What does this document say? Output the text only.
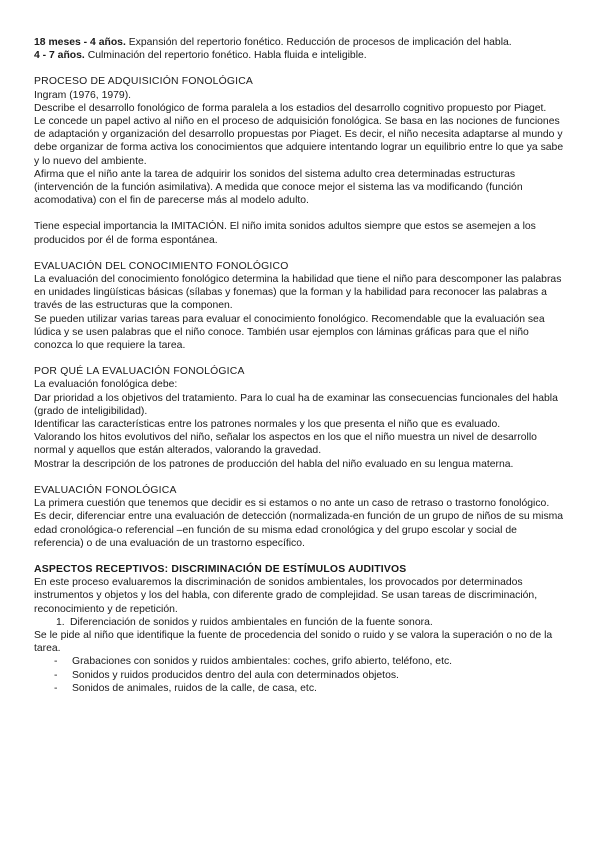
18 meses - 4 años. Expansión del repertorio fonético. Reducción de procesos de implicación del habla.

4 - 7 años. Culminación del repertorio fonético. Habla fluida e inteligible.

PROCESO DE ADQUISICIÓN FONOLÓGICA

Ingram (1976, 1979).

Describe el desarrollo fonológico de forma paralela a los estadios del desarrollo cognitivo propuesto por Piaget.

Le concede un papel activo al niño en el proceso de adquisición fonológica. Se basa en las nociones de funciones de adaptación y organización del desarrollo propuestas por Piaget. Es decir, el niño necesita adaptarse al mundo y debe organizar de forma activa los conocimientos que adquiere intentando lograr un equilibrio entre lo que ya sabe y lo nuevo del ambiente.

Afirma que el niño ante la tarea de adquirir los sonidos del sistema adulto crea determinadas estructuras (intervención de la función asimilativa). A medida que conoce mejor el sistema las va modificando (función acomodativa) con el fin de parecerse más al modelo adulto.

Tiene especial importancia la IMITACIÓN. El niño imita sonidos adultos siempre que estos se asemejen a los producidos por él de forma espontánea.

EVALUACIÓN DEL CONOCIMIENTO FONOLÓGICO

La evaluación del conocimiento fonológico determina la habilidad que tiene el niño para descomponer las palabras en unidades lingüísticas básicas (sílabas y fonemas) que la forman y la habilidad para reconocer las palabras a través de las estructuras que la componen.

Se pueden utilizar varias tareas para evaluar el conocimiento fonológico. Recomendable que la evaluación sea lúdica y se usen palabras que el niño conoce. También usar ejemplos con láminas gráficas para que el niño conozca lo que requiere la tarea.

POR QUÉ LA EVALUACIÓN FONOLÓGICA

La evaluación fonológica debe:

Dar prioridad a los objetivos del tratamiento. Para lo cual ha de examinar las consecuencias funcionales del habla (grado de inteligibilidad).

Identificar las características entre los patrones normales y los que presenta el niño que es evaluado.

Valorando los hitos evolutivos del niño, señalar los aspectos en los que el niño muestra un nivel de desarrollo normal y aquellos que están alterados, valorando la gravedad.

Mostrar la descripción de los patrones de producción del habla del niño evaluado en su lengua materna.

EVALUACIÓN FONOLÓGICA

La primera cuestión que tenemos que decidir es si estamos o no ante un caso de retraso o trastorno fonológico.

Es decir, diferenciar entre una evaluación de detección (normalizada-en función de un grupo de niños de su misma edad cronológica-o referencial –en función de su misma edad cronológica y del grupo escolar y social de referencia) o de una evaluación de un trastorno específico.

ASPECTOS RECEPTIVOS: DISCRIMINACIÓN DE ESTÍMULOS AUDITIVOS

En este proceso evaluaremos la discriminación de sonidos ambientales, los provocados por determinados instrumentos y objetos y los del habla, con diferente grado de complejidad. Se usan tareas de discriminación, reconocimiento y de repetición.

1. Diferenciación de sonidos y ruidos ambientales en función de la fuente sonora.

Se le pide al niño que identifique la fuente de procedencia del sonido o ruido y se valora la superación o no de la tarea.

- Grabaciones con sonidos y ruidos ambientales: coches, grifo abierto, teléfono, etc.
- Sonidos y ruidos producidos dentro del aula con determinados objetos.
- Sonidos de animales, ruidos de la calle, de casa, etc.
